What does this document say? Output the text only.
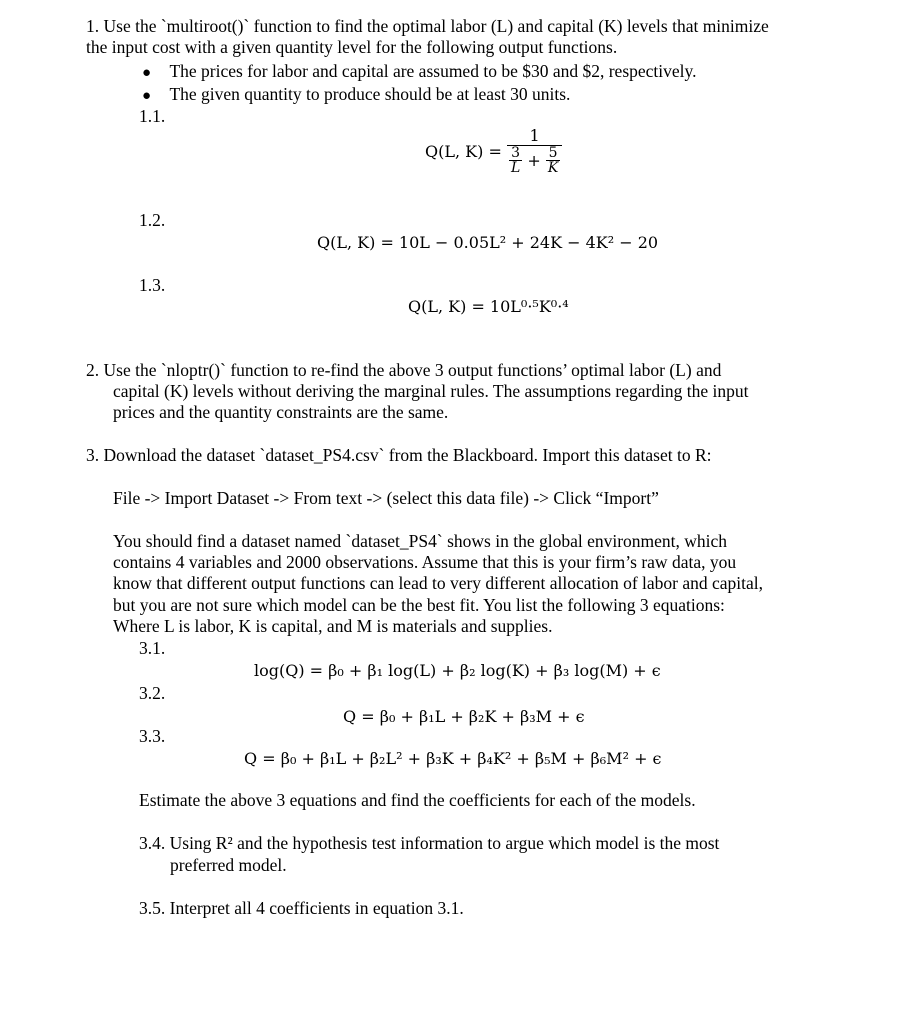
1. Use the `multiroot()` function to find the optimal labor (L) and capital (K) levels that minimize
the input cost with a given quantity level for the following output functions.
● The prices for labor and capital are assumed to be $30 and $2, respectively.
● The given quantity to produce should be at least 30 units.
1.1.
Q(L, $K) = \frac{1}{\frac{3}{L} + \frac{5}{K}}$
1.2.
Q(L, K) = 10L − 0.05L² + 24K − 4K² − 20
1.3.
Q(L, K) = 10L⁰·⁵K⁰·⁴
2. Use the `nloptr()` function to re-find the above 3 output functions’ optimal labor (L) and
capital (K) levels without deriving the marginal rules. The assumptions regarding the input
prices and the quantity constraints are the same.
3. Download the dataset `dataset_PS4.csv` from the Blackboard. Import this dataset to R:
File -> Import Dataset -> From text -> (select this data file) -> Click “Import”
You should find a dataset named `dataset_PS4` shows in the global environment, which
contains 4 variables and 2000 observations. Assume that this is your firm’s raw data, you
know that different output functions can lead to very different allocation of labor and capital,
but you are not sure which model can be the best fit. You list the following 3 equations:
Where L is labor, K is capital, and M is materials and supplies.
3.1.
log(Q) = β₀ + β₁ log(L) + β₂ log(K) + β₃ log(M) + ϵ
3.2.
Q = β₀ + β₁L + β₂K + β₃M + ϵ
3.3.
Q = β₀ + β₁L + β₂L² + β₃K + β₄K² + β₅M + β₆M² + ϵ
Estimate the above 3 equations and find the coefficients for each of the models.
3.4. Using R² and the hypothesis test information to argue which model is the most
preferred model.
3.5. Interpret all 4 coefficients in equation 3.1.
